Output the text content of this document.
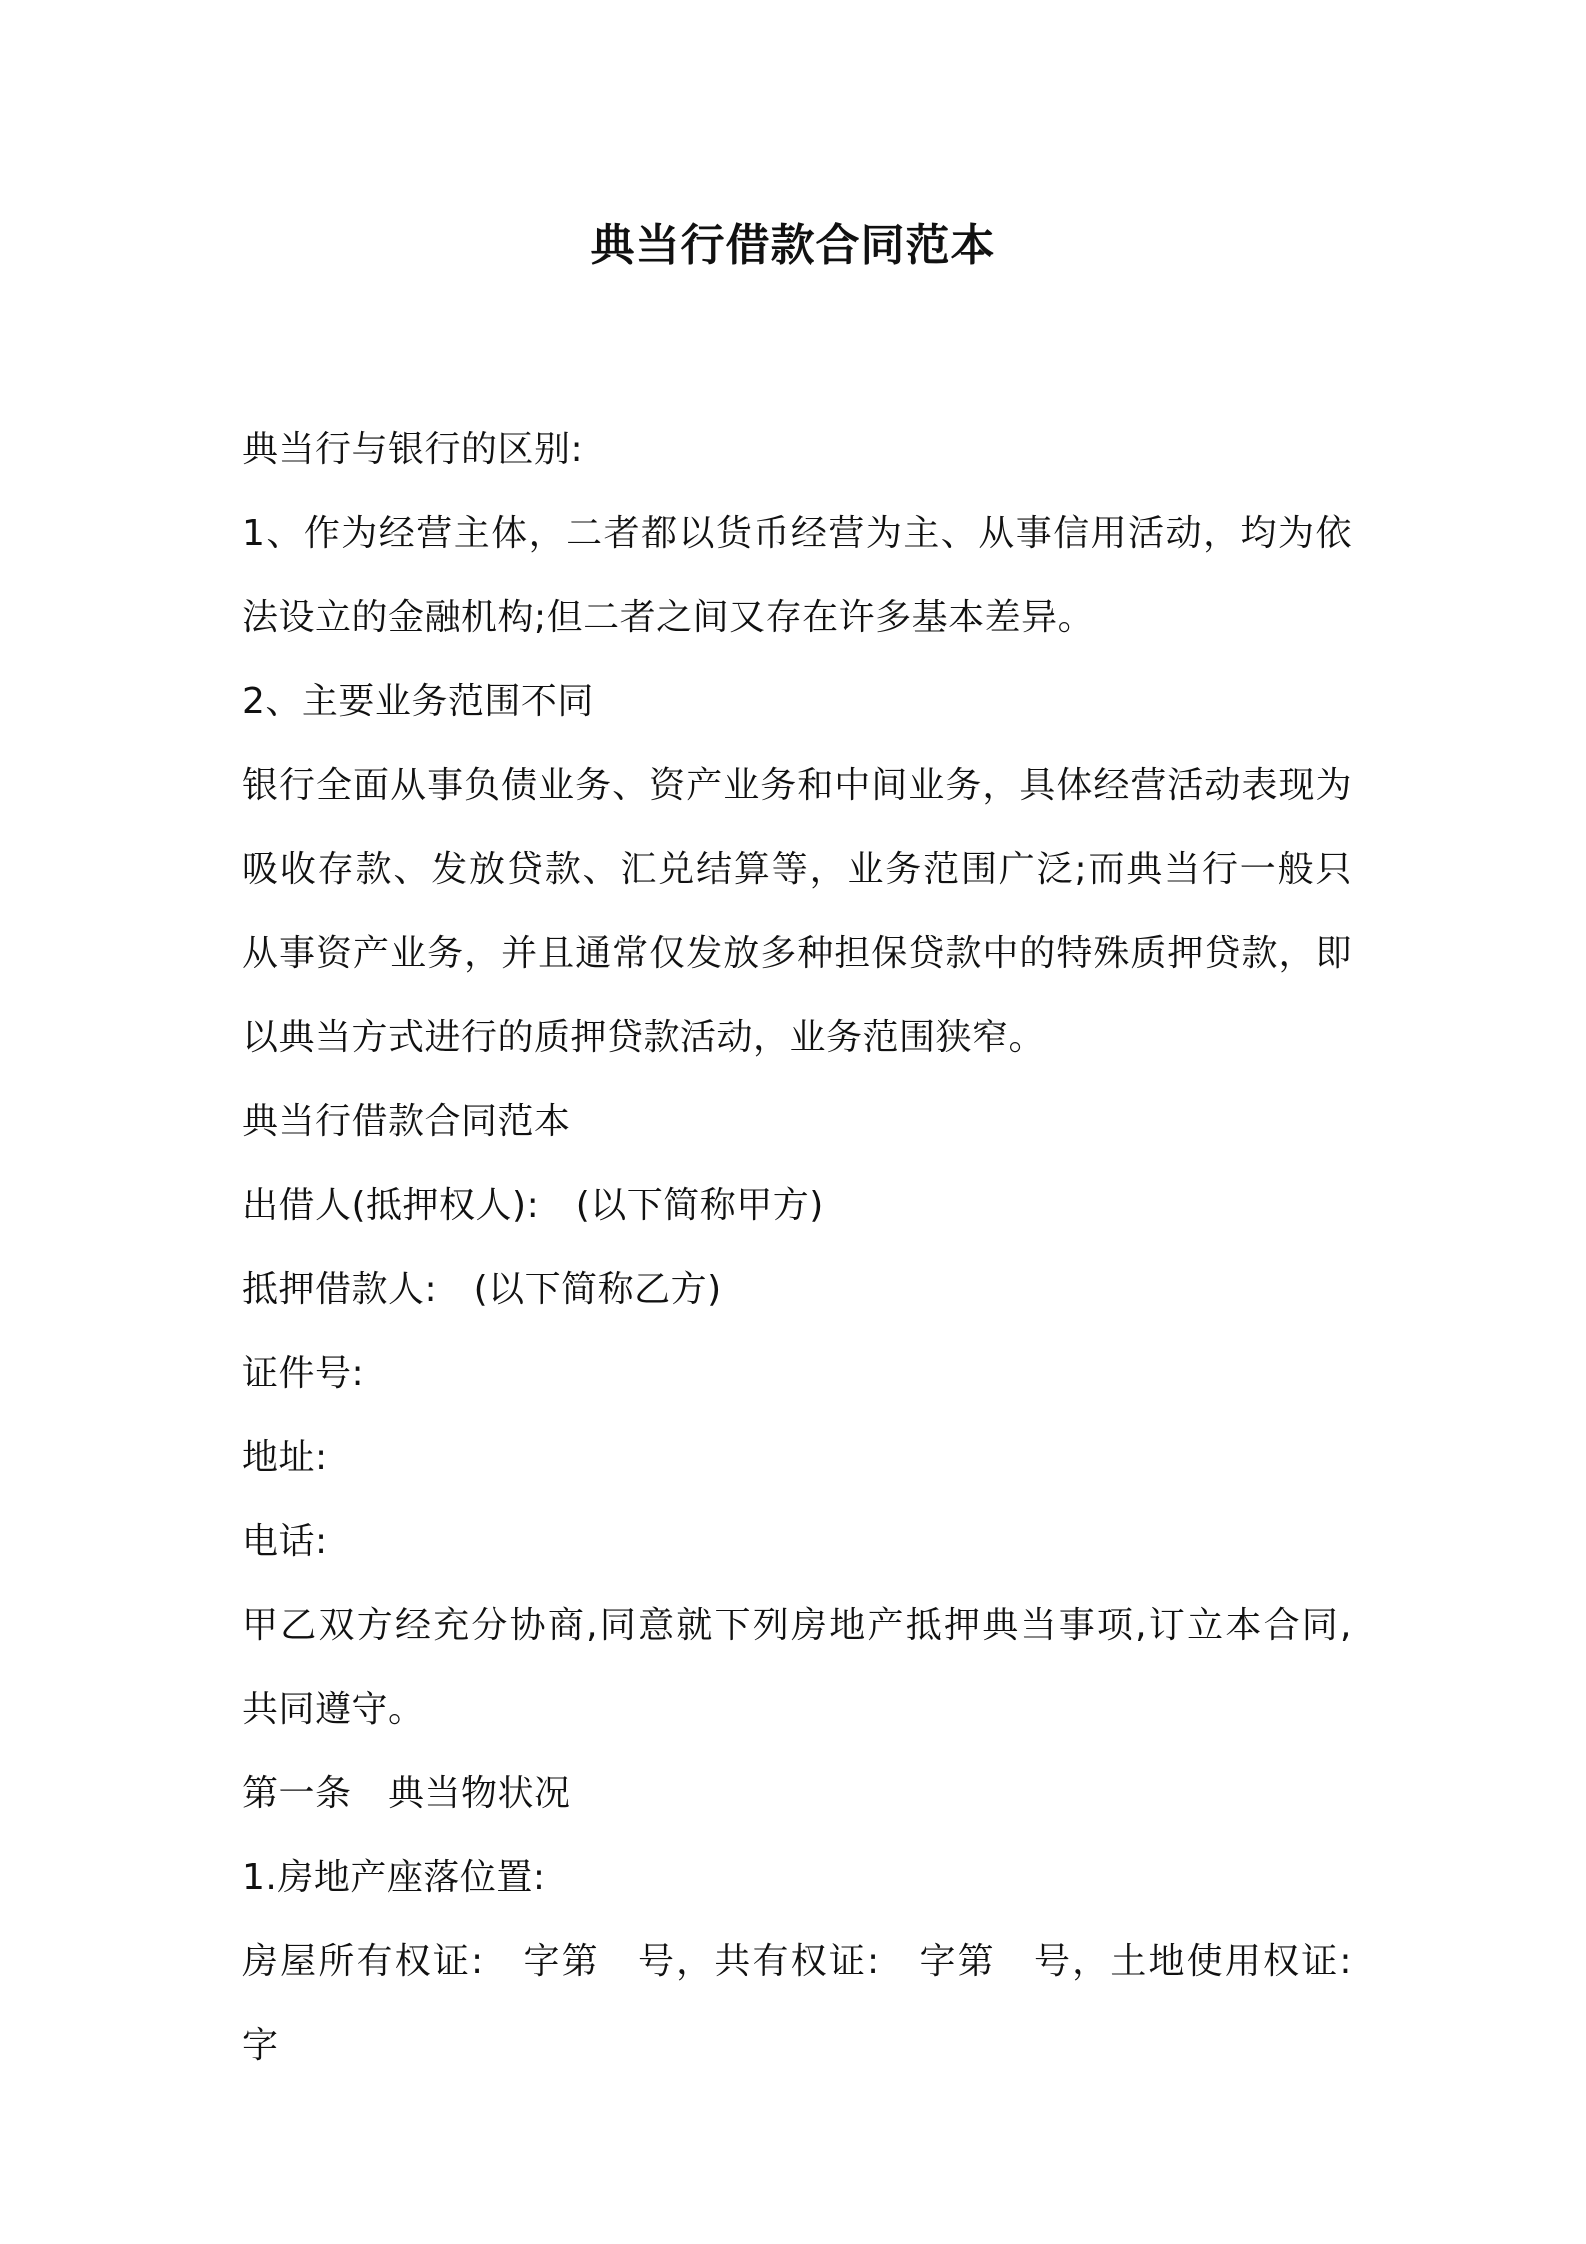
典当行借款合同范本
典当行与银行的区别:
1、作为经营主体，二者都以货币经营为主、从事信用活动，均为依
法设立的金融机构;但二者之间又存在许多基本差异。
2、主要业务范围不同
银行全面从事负债业务、资产业务和中间业务，具体经营活动表现为
吸收存款、发放贷款、汇兑结算等，业务范围广泛;而典当行一般只
从事资产业务，并且通常仅发放多种担保贷款中的特殊质押贷款，即
以典当方式进行的质押贷款活动，业务范围狭窄。
典当行借款合同范本
出借人(抵押权人):　(以下简称甲方)
抵押借款人:　(以下简称乙方)
证件号:
地址:
电话:
甲乙双方经充分协商,同意就下列房地产抵押典当事项,订立本合同,
共同遵守。
第一条　典当物状况
1.房地产座落位置:
房屋所有权证:　字第　号，共有权证:　字第　号，土地使用权证:　字
